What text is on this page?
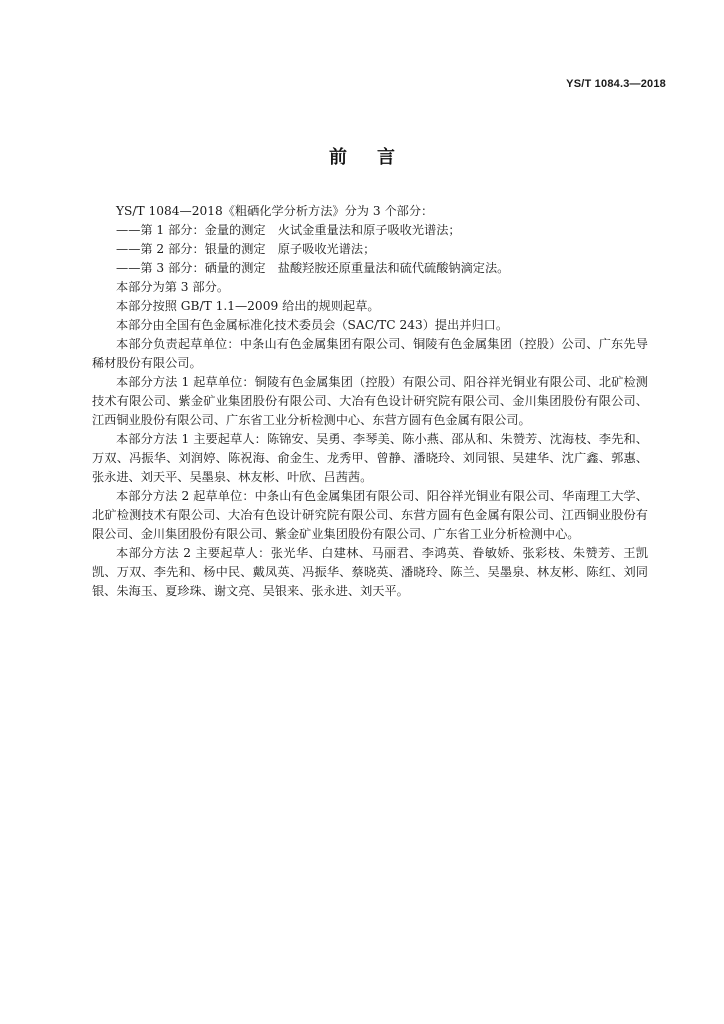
YS/T 1084.3—2018
前言

YS/T 1084—2018《粗硒化学分析方法》分为 3 个部分：

——第 1 部分：金量的测定　火试金重量法和原子吸收光谱法；

——第 2 部分：银量的测定　原子吸收光谱法；

——第 3 部分：硒量的测定　盐酸羟胺还原重量法和硫代硫酸钠滴定法。

本部分为第 3 部分。

本部分按照 GB/T 1.1—2009 给出的规则起草。

本部分由全国有色金属标准化技术委员会（SAC/TC 243）提出并归口。

本部分负责起草单位：中条山有色金属集团有限公司、铜陵有色金属集团（控股）公司、广东先导稀材股份有限公司。

本部分方法 1 起草单位：铜陵有色金属集团（控股）有限公司、阳谷祥光铜业有限公司、北矿检测技术有限公司、紫金矿业集团股份有限公司、大冶有色设计研究院有限公司、金川集团股份有限公司、江西铜业股份有限公司、广东省工业分析检测中心、东营方圆有色金属有限公司。

本部分方法 1 主要起草人：陈锦安、吴勇、李琴美、陈小燕、邵从和、朱赞芳、沈海枝、李先和、万双、冯振华、刘润婷、陈祝海、俞金生、龙秀甲、曾静、潘晓玲、刘同银、吴建华、沈广鑫、郭惠、张永进、刘天平、吴墨泉、林友彬、叶欣、吕茜茜。

本部分方法 2 起草单位：中条山有色金属集团有限公司、阳谷祥光铜业有限公司、华南理工大学、北矿检测技术有限公司、大冶有色设计研究院有限公司、东营方圆有色金属有限公司、江西铜业股份有限公司、金川集团股份有限公司、紫金矿业集团股份有限公司、广东省工业分析检测中心。

本部分方法 2 主要起草人：张光华、白建林、马丽君、李鸿英、眷敏娇、张彩枝、朱赞芳、王凯凯、万双、李先和、杨中民、戴凤英、冯振华、蔡晓英、潘晓玲、陈兰、吴墨泉、林友彬、陈红、刘同银、朱海玉、夏珍珠、谢文亮、吴银来、张永进、刘天平。
